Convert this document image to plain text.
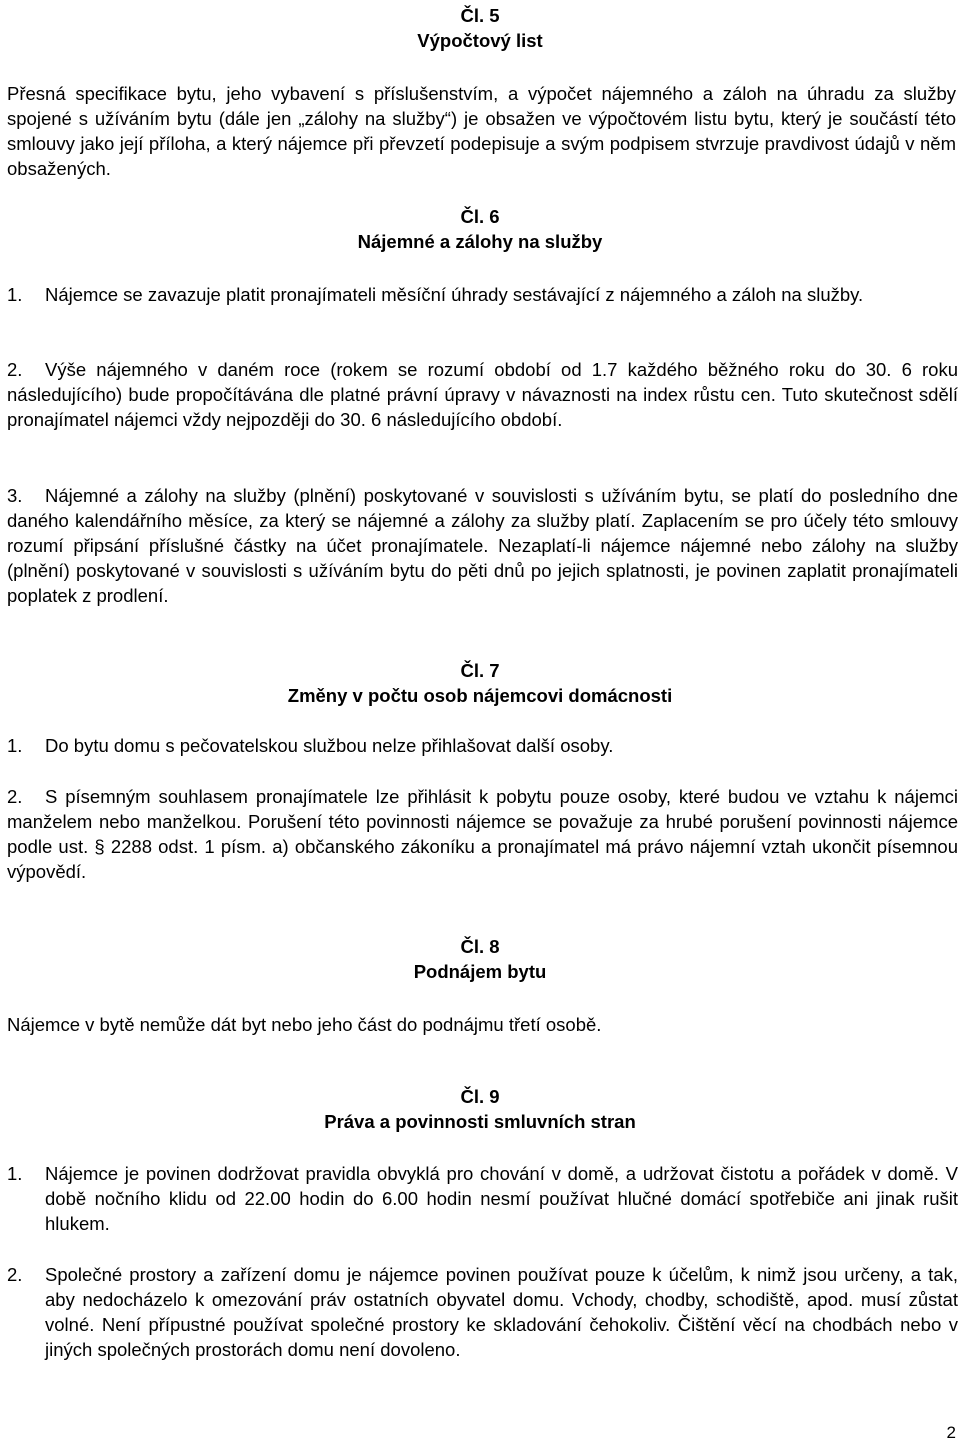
Čl. 5
Výpočtový list

Přesná specifikace bytu, jeho vybavení s příslušenstvím, a výpočet nájemného a záloh na úhradu za služby spojené s užíváním bytu (dále jen „zálohy na služby“) je obsažen ve výpočtovém listu bytu, který je součástí této smlouvy jako její příloha, a který nájemce při převzetí podepisuje a svým podpisem stvrzuje pravdivost údajů v něm obsažených.

Čl. 6
Nájemné a zálohy na služby
1.	Nájemce se zavazuje platit pronajímateli měsíční úhrady sestávající z nájemného a záloh na služby.
2.	Výše nájemného v daném roce (rokem se rozumí období od 1.7 každého běžného roku do 30. 6 roku následujícího) bude propočítávána dle platné právní úpravy v návaznosti na index růstu cen. Tuto skutečnost sdělí pronajímatel nájemci vždy nejpozději do 30. 6 následujícího období.
3.	Nájemné a zálohy na služby (plnění) poskytované v souvislosti s užíváním bytu, se platí do posledního dne daného kalendářního měsíce, za který se nájemné a zálohy za služby platí. Zaplacením se pro účely této smlouvy rozumí připsání příslušné částky na účet pronajímatele. Nezaplatí-li nájemce nájemné nebo zálohy na služby (plnění) poskytované v souvislosti s užíváním bytu do pěti dnů po jejich splatnosti, je povinen zaplatit pronajímateli poplatek z prodlení.
Čl. 7
Změny v počtu osob nájemcovi domácnosti
1.	Do bytu domu s pečovatelskou službou nelze přihlašovat další osoby.
2.	S písemným souhlasem pronajímatele lze přihlásit k pobytu pouze osoby, které budou ve vztahu k nájemci manželem nebo manželkou. Porušení této povinnosti nájemce se považuje za hrubé porušení povinnosti nájemce podle ust. § 2288 odst. 1 písm. a) občanského zákoníku a pronajímatel má právo nájemní vztah ukončit písemnou výpovědí.
Čl. 8
Podnájem bytu

Nájemce v bytě nemůže dát byt nebo jeho část do podnájmu třetí osobě.

Čl. 9
Práva a povinnosti smluvních stran
1.	Nájemce je povinen dodržovat pravidla obvyklá pro chování v domě, a udržovat čistotu a pořádek v domě. V době nočního klidu od 22.00 hodin do 6.00 hodin nesmí používat hlučné domácí spotřebiče ani jinak rušit hlukem.
2.	Společné prostory a zařízení domu je nájemce povinen používat pouze k účelům, k nimž jsou určeny, a tak, aby nedocházelo k omezování práv ostatních obyvatel domu. Vchody, chodby, schodiště, apod. musí zůstat volné. Není přípustné používat společné prostory ke skladování čehokoliv. Čištění věcí na chodbách nebo v jiných společných prostorách domu není dovoleno.
2
